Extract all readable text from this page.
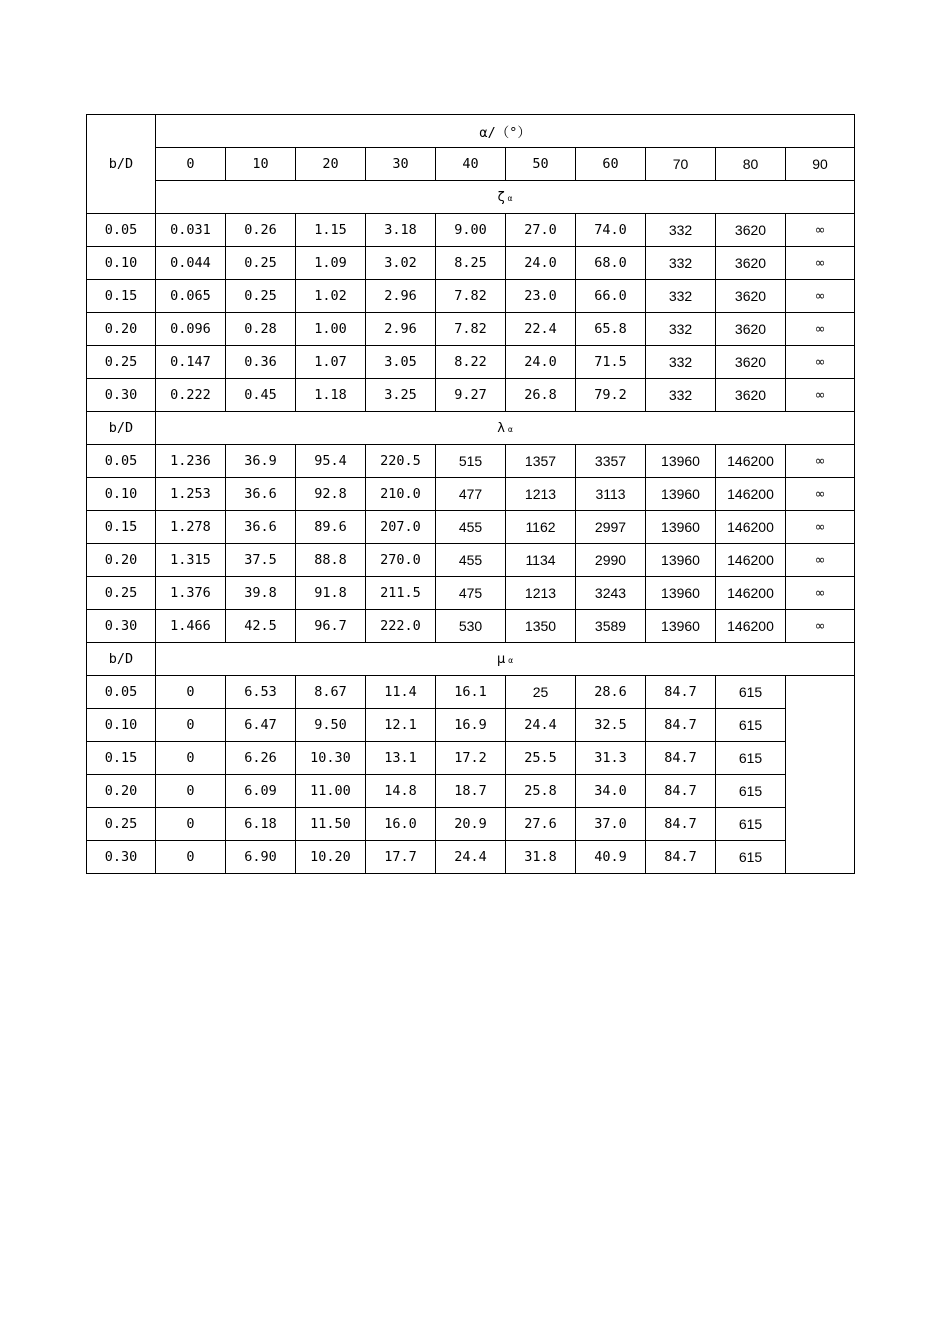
b/D	α/（°）									
	0	10	20	30	40	50	60	70	80	90
	ζ α									
0.05	0.031	0.26	1.15	3.18	9.00	27.0	74.0	332	3620	∞
0.10	0.044	0.25	1.09	3.02	8.25	24.0	68.0	332	3620	∞
0.15	0.065	0.25	1.02	2.96	7.82	23.0	66.0	332	3620	∞
0.20	0.096	0.28	1.00	2.96	7.82	22.4	65.8	332	3620	∞
0.25	0.147	0.36	1.07	3.05	8.22	24.0	71.5	332	3620	∞
0.30	0.222	0.45	1.18	3.25	9.27	26.8	79.2	332	3620	∞
b/D	λ α									
0.05	1.236	36.9	95.4	220.5	515	1357	3357	13960	146200	∞
0.10	1.253	36.6	92.8	210.0	477	1213	3113	13960	146200	∞
0.15	1.278	36.6	89.6	207.0	455	1162	2997	13960	146200	∞
0.20	1.315	37.5	88.8	270.0	455	1134	2990	13960	146200	∞
0.25	1.376	39.8	91.8	211.5	475	1213	3243	13960	146200	∞
0.30	1.466	42.5	96.7	222.0	530	1350	3589	13960	146200	∞
b/D	μ α									
0.05	0	6.53	8.67	11.4	16.1	25	28.6	84.7	615	
0.10	0	6.47	9.50	12.1	16.9	24.4	32.5	84.7	615	
0.15	0	6.26	10.30	13.1	17.2	25.5	31.3	84.7	615	
0.20	0	6.09	11.00	14.8	18.7	25.8	34.0	84.7	615	
0.25	0	6.18	11.50	16.0	20.9	27.6	37.0	84.7	615	
0.30	0	6.90	10.20	17.7	24.4	31.8	40.9	84.7	615	
